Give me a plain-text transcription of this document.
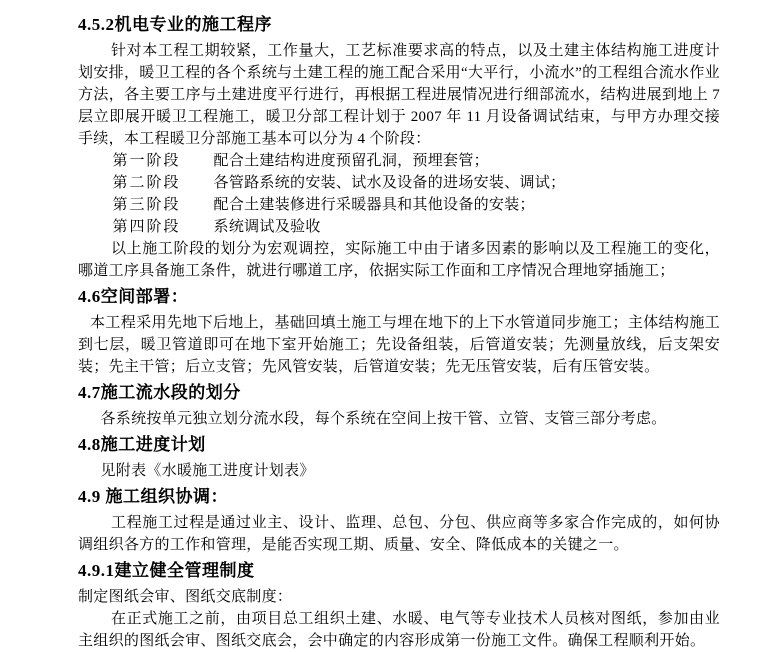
4.5.2机电专业的施工程序
针对本工程工期较紧，工作量大，工艺标准要求高的特点，以及土建主体结构施工进度计划安排，暖卫工程的各个系统与土建工程的施工配合采用“大平行，小流水”的工程组合流水作业方法，各主要工序与土建进度平行进行，再根据工程进展情况进行细部流水，结构进展到地上 7 层立即展开暖卫工程施工，暖卫分部工程计划于 2007 年 11 月设备调试结束，与甲方办理交接手续，本工程暖卫分部施工基本可以分为 4 个阶段：
第一阶段 配合土建结构进度预留孔洞，预埋套管；
第二阶段 各管路系统的安装、试水及设备的进场安装、调试；
第三阶段 配合土建装修进行采暖器具和其他设备的安装；
第四阶段 系统调试及验收
以上施工阶段的划分为宏观调控，实际施工中由于诸多因素的影响以及工程施工的变化，哪道工序具备施工条件，就进行哪道工序，依据实际工作面和工序情况合理地穿插施工；
4.6空间部署：
本工程采用先地下后地上，基础回填土施工与埋在地下的上下水管道同步施工；主体结构施工到七层，暖卫管道即可在地下室开始施工；先设备组装，后管道安装；先测量放线，后支架安装；先主干管；后立支管；先风管安装，后管道安装；先无压管安装，后有压管安装。
4.7施工流水段的划分
各系统按单元独立划分流水段，每个系统在空间上按干管、立管、支管三部分考虑。
4.8施工进度计划
见附表《水暖施工进度计划表》
4.9 施工组织协调：
工程施工过程是通过业主、设计、监理、总包、分包、供应商等多家合作完成的，如何协调组织各方的工作和管理，是能否实现工期、质量、安全、降低成本的关键之一。
4.9.1建立健全管理制度
制定图纸会审、图纸交底制度：
在正式施工之前，由项目总工组织土建、水暖、电气等专业技术人员核对图纸，参加由业主组织的图纸会审、图纸交底会，会中确定的内容形成第一份施工文件。确保工程顺利开始。
